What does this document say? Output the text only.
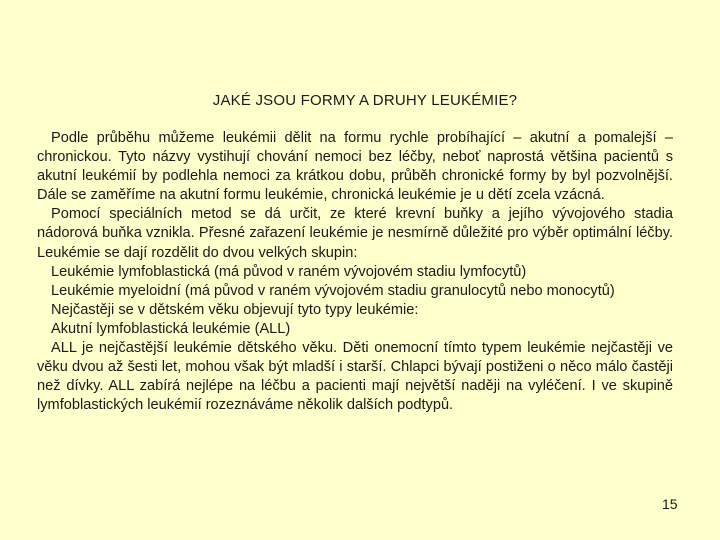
JAKÉ JSOU FORMY A DRUHY LEUKÉMIE?

Podle průběhu můžeme leukémii dělit na formu rychle probíhající – akutní a pomalejší – chronickou. Tyto názvy vystihují chování nemoci bez léčby, neboť naprostá většina pacientů s akutní leukémií by podlehla nemoci za krátkou dobu, průběh chronické formy by byl pozvolnější. Dále se zaměříme na akutní formu leukémie, chronická leukémie je u dětí zcela vzácná.

Pomocí speciálních metod se dá určit, ze které krevní buňky a jejího vývojového stadia nádorová buňka vznikla. Přesné zařazení leukémie je nesmírně důležité pro výběr optimální léčby. Leukémie se dají rozdělit do dvou velkých skupin:

Leukémie lymfoblastická (má původ v raném vývojovém stadiu lymfocytů)

Leukémie myeloidní (má původ v raném vývojovém stadiu granulocytů nebo monocytů)

Nejčastěji se v dětském věku objevují tyto typy leukémie:

Akutní lymfoblastická leukémie (ALL)

ALL je nejčastější leukémie dětského věku. Děti onemocní tímto typem leukémie nejčastěji ve věku dvou až šesti let, mohou však být mladší i starší. Chlapci bývají postiženi o něco málo častěji než dívky. ALL zabírá nejlépe na léčbu a pacienti mají největší naději na vyléčení. I ve skupině lymfoblastických leukémií rozeznáváme několik dalších podtypů.

15
